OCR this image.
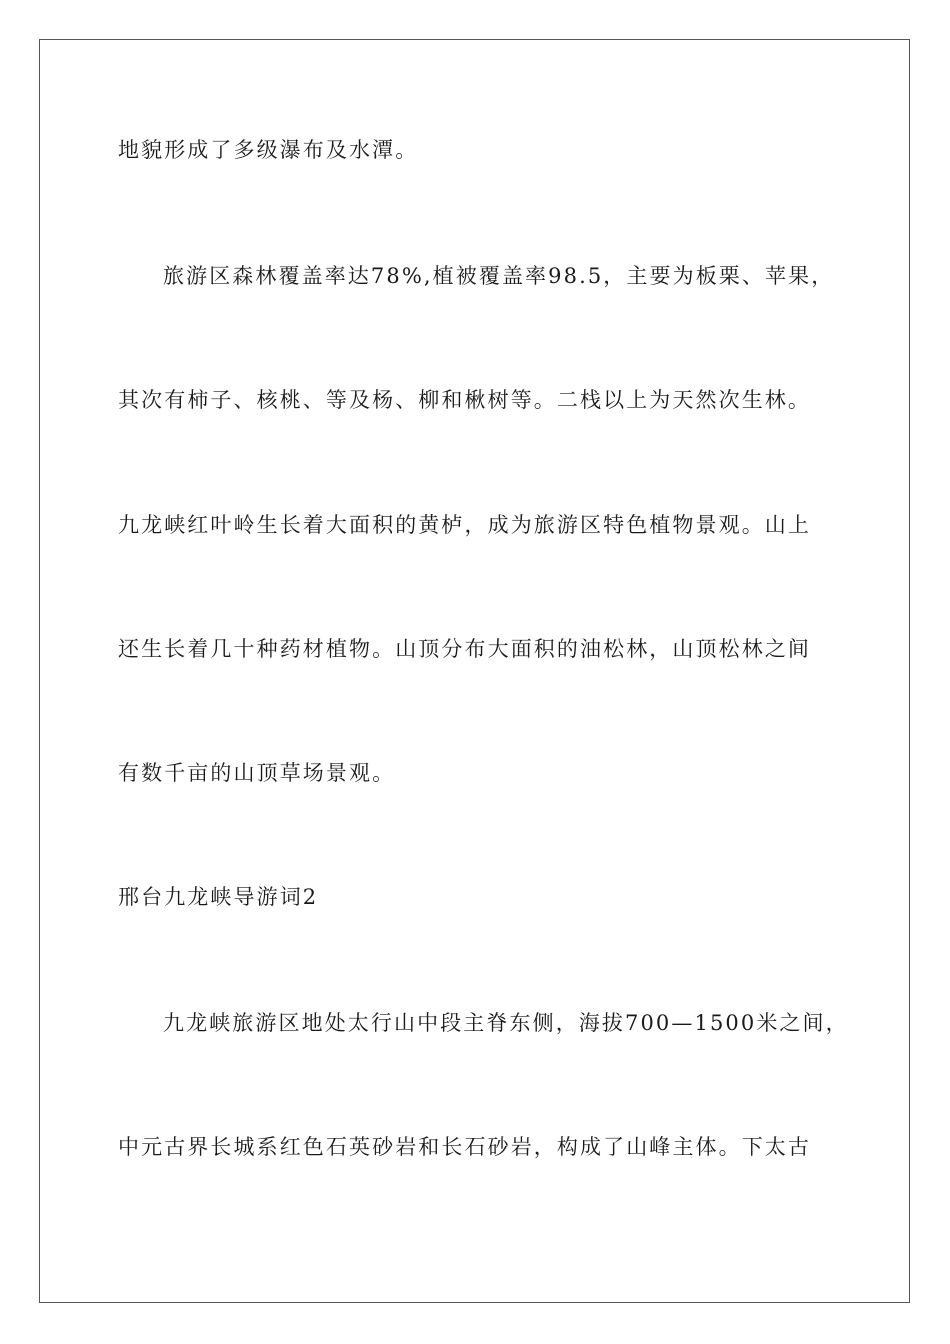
地貌形成了多级瀑布及水潭。
旅游区森林覆盖率达78%,植被覆盖率98.5，主要为板栗、苹果，
其次有柿子、核桃、等及杨、柳和楸树等。二栈以上为天然次生林。
九龙峡红叶岭生长着大面积的黄栌，成为旅游区特色植物景观。山上
还生长着几十种药材植物。山顶分布大面积的油松林，山顶松林之间
有数千亩的山顶草场景观。
邢台九龙峡导游词2
九龙峡旅游区地处太行山中段主脊东侧，海拔700—1500米之间，
中元古界长城系红色石英砂岩和长石砂岩，构成了山峰主体。下太古
